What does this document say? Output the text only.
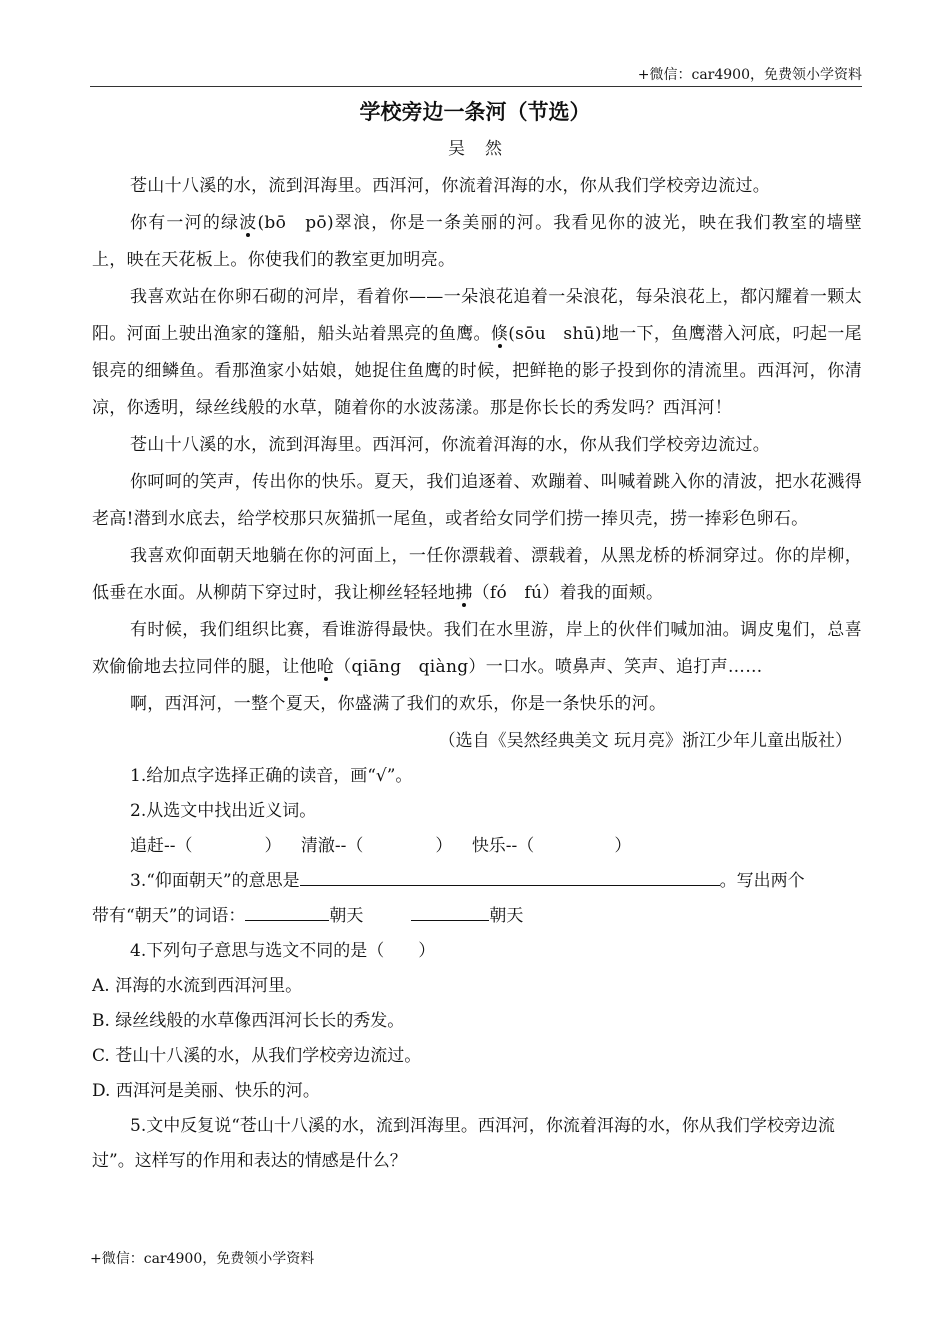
+微信：car4900，免费领小学资料
学校旁边一条河（节选）
吴然

苍山十八溪的水，流到洱海里。西洱河，你流着洱海的水，你从我们学校旁边流过。

你有一河的绿波(bō　pō)翠浪，你是一条美丽的河。我看见你的波光，映在我们教室的墙壁上，映在天花板上。你使我们的教室更加明亮。

我喜欢站在你卵石砌的河岸，看着你——一朵浪花追着一朵浪花，每朵浪花上，都闪耀着一颗太阳。河面上驶出渔家的篷船，船头站着黑亮的鱼鹰。倏(sōu　shū)地一下，鱼鹰潜入河底，叼起一尾银亮的细鳞鱼。看那渔家小姑娘，她捉住鱼鹰的时候，把鲜艳的影子投到你的清流里。西洱河，你清凉，你透明，绿丝线般的水草，随着你的水波荡漾。那是你长长的秀发吗？西洱河！

苍山十八溪的水，流到洱海里。西洱河，你流着洱海的水，你从我们学校旁边流过。

你呵呵的笑声，传出你的快乐。夏天，我们追逐着、欢蹦着、叫喊着跳入你的清波，把水花溅得老高!潜到水底去，给学校那只灰猫抓一尾鱼，或者给女同学们捞一捧贝壳，捞一捧彩色卵石。

我喜欢仰面朝天地躺在你的河面上，一任你漂载着、漂载着，从黑龙桥的桥洞穿过。你的岸柳，低垂在水面。从柳荫下穿过时，我让柳丝轻轻地拂（fó　fú）着我的面颊。

有时候，我们组织比赛，看谁游得最快。我们在水里游，岸上的伙伴们喊加油。调皮鬼们，总喜欢偷偷地去拉同伴的腿，让他呛（qiāng　qiàng）一口水。喷鼻声、笑声、追打声……

啊，西洱河，一整个夏天，你盛满了我们的欢乐，你是一条快乐的河。

（选自《吴然经典美文 玩月亮》浙江少年儿童出版社）

1.给加点字选择正确的读音，画“√”。

2.从选文中找出近义词。

追赶--（	） 清澈--（	） 快乐--（	）

3.“仰面朝天”的意思是	。写出两个

带有“朝天”的词语：	朝天	朝天

4.下列句子意思与选文不同的是（　　）

A. 洱海的水流到西洱河里。

B. 绿丝线般的水草像西洱河长长的秀发。

C. 苍山十八溪的水，从我们学校旁边流过。

D. 西洱河是美丽、快乐的河。

5.文中反复说“苍山十八溪的水，流到洱海里。西洱河，你流着洱海的水，你从我们学校旁边流过”。这样写的作用和表达的情感是什么？

+微信：car4900，免费领小学资料
